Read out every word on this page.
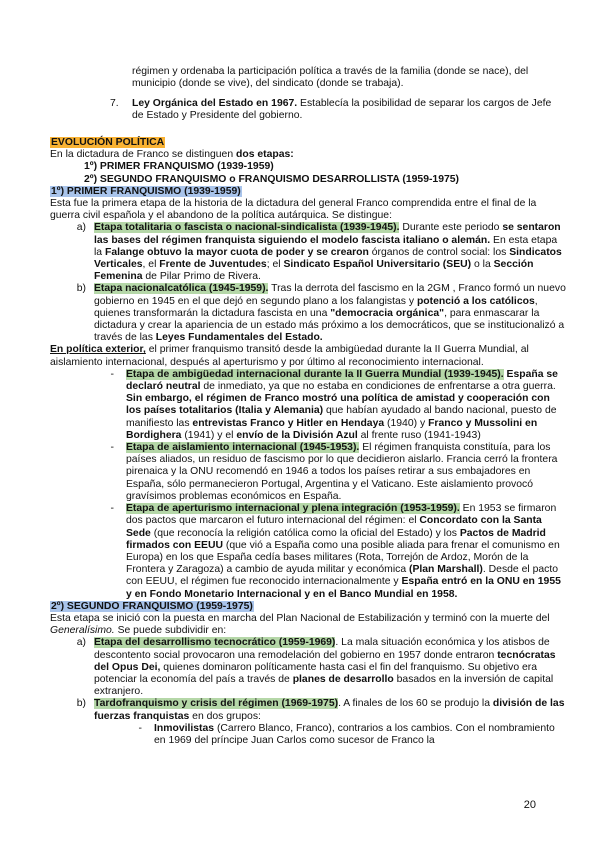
régimen y ordenaba la participación política a través de la familia (donde se nace), del municipio (donde se vive), del sindicato (donde se trabaja).
7. Ley Orgánica del Estado en 1967. Establecía la posibilidad de separar los cargos de Jefe de Estado y Presidente del gobierno.
EVOLUCIÓN POLÍTICA
En la dictadura de Franco se distinguen dos etapas:
1º) PRIMER FRANQUISMO (1939-1959)
2º) SEGUNDO FRANQUISMO o FRANQUISMO DESARROLLISTA (1959-1975)
1º) PRIMER FRANQUISMO (1939-1959)
Esta fue la primera etapa de la historia de la dictadura del general Franco comprendida entre el final de la guerra civil española y el abandono de la política autárquica. Se distingue:
a) Etapa totalitaria o fascista o nacional-sindicalista (1939-1945). Durante este periodo se sentaron las bases del régimen franquista siguiendo el modelo fascista italiano o alemán. En esta etapa la Falange obtuvo la mayor cuota de poder y se crearon órganos de control social: los Sindicatos Verticales, el Frente de Juventudes; el Sindicato Español Universitario (SEU) o la Sección Femenina de Pilar Primo de Rivera.
b) Etapa nacionalcatólica (1945-1959). Tras la derrota del fascismo en la 2GM , Franco formó un nuevo gobierno en 1945 en el que dejó en segundo plano a los falangistas y potenció a los católicos, quienes transformarán la dictadura fascista en una "democracia orgánica", para enmascarar la dictadura y crear la apariencia de un estado más próximo a los democráticos, que se institucionalizó a través de las Leyes Fundamentales del Estado.
En política exterior, el primer franquismo transitó desde la ambigüedad durante la II Guerra Mundial, al aislamiento internacional, después al aperturismo y por último al reconocimiento internacional.
-	Etapa de ambigüedad internacional durante la II Guerra Mundial (1939-1945). España se declaró neutral de inmediato, ya que no estaba en condiciones de enfrentarse a otra guerra. Sin embargo, el régimen de Franco mostró una política de amistad y cooperación con los países totalitarios (Italia y Alemania) que habían ayudado al bando nacional, puesto de manifiesto las entrevistas Franco y Hitler en Hendaya (1940) y Franco y Mussolini en Bordighera (1941) y el envío de la División Azul al frente ruso (1941-1943)
-	Etapa de aislamiento internacional (1945-1953). El régimen franquista constituía, para los países aliados, un residuo de fascismo por lo que decidieron aislarlo. Francia cerró la frontera pirenaica y la ONU recomendó en 1946 a todos los países retirar a sus embajadores en España, sólo permanecieron Portugal, Argentina y el Vaticano. Este aislamiento provocó gravísimos problemas económicos en España.
-	Etapa de aperturismo internacional y plena integración (1953-1959). En 1953 se firmaron dos pactos que marcaron el futuro internacional del régimen: el Concordato con la Santa Sede (que reconocía la religión católica como la oficial del Estado) y los Pactos de Madrid firmados con EEUU (que vió a España como una posible aliada para frenar el comunismo en Europa) en los que España cedía bases militares (Rota, Torrejón de Ardoz, Morón de la Frontera y Zaragoza) a cambio de ayuda militar y económica (Plan Marshall). Desde el pacto con EEUU, el régimen fue reconocido internacionalmente y España entró en la ONU en 1955 y en Fondo Monetario Internacional y en el Banco Mundial en 1958.
2º) SEGUNDO FRANQUISMO (1959-1975)
Esta etapa se inició con la puesta en marcha del Plan Nacional de Estabilización y terminó con la muerte del Generalísimo. Se puede subdividir en:
a) Etapa del desarrollismo tecnocrático (1959-1969). La mala situación económica y los atisbos de descontento social provocaron una remodelación del gobierno en 1957 donde entraron tecnócratas del Opus Dei, quienes dominaron políticamente hasta casi el fin del franquismo. Su objetivo era potenciar la economía del país a través de planes de desarrollo basados en la inversión de capital extranjero.
b) Tardofranquismo y crisis del régimen (1969-1975). A finales de los 60 se produjo la división de las fuerzas franquistas en dos grupos:
-	Inmovilistas (Carrero Blanco, Franco), contrarios a los cambios. Con el nombramiento en 1969 del príncipe Juan Carlos como sucesor de Franco la
20
